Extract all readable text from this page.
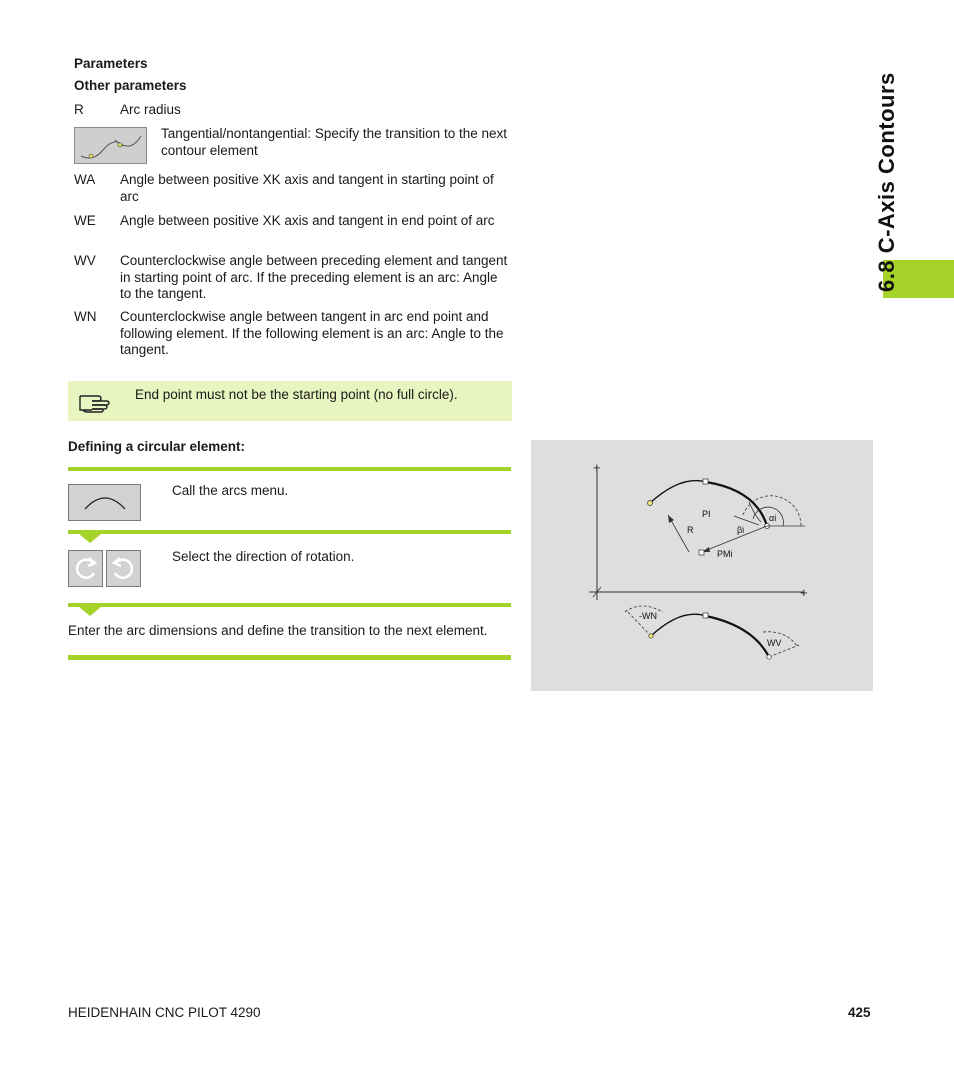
6.8 C-Axis Contours
Parameters
Other parameters
R	Arc radius
Tangential/nontangential: Specify the transition to the next contour element
WA	Angle between positive XK axis and tangent in starting point of arc
WE	Angle between positive XK axis and tangent in end point of arc
WV	Counterclockwise angle between preceding element and tangent in starting point of arc. If the preceding element is an arc: Angle to the tangent.
WN	Counterclockwise angle between tangent in arc end point and following element. If the following element is an arc: Angle to the tangent.
End point must not be the starting point (no full circle).
Defining a circular element:
Call the arcs menu.
Select the direction of rotation.
Enter the arc dimensions and define the transition to the next element.
+
+
PI
R
PMi
αi
βi
-WN
WV
HEIDENHAIN CNC PILOT 4290	425
